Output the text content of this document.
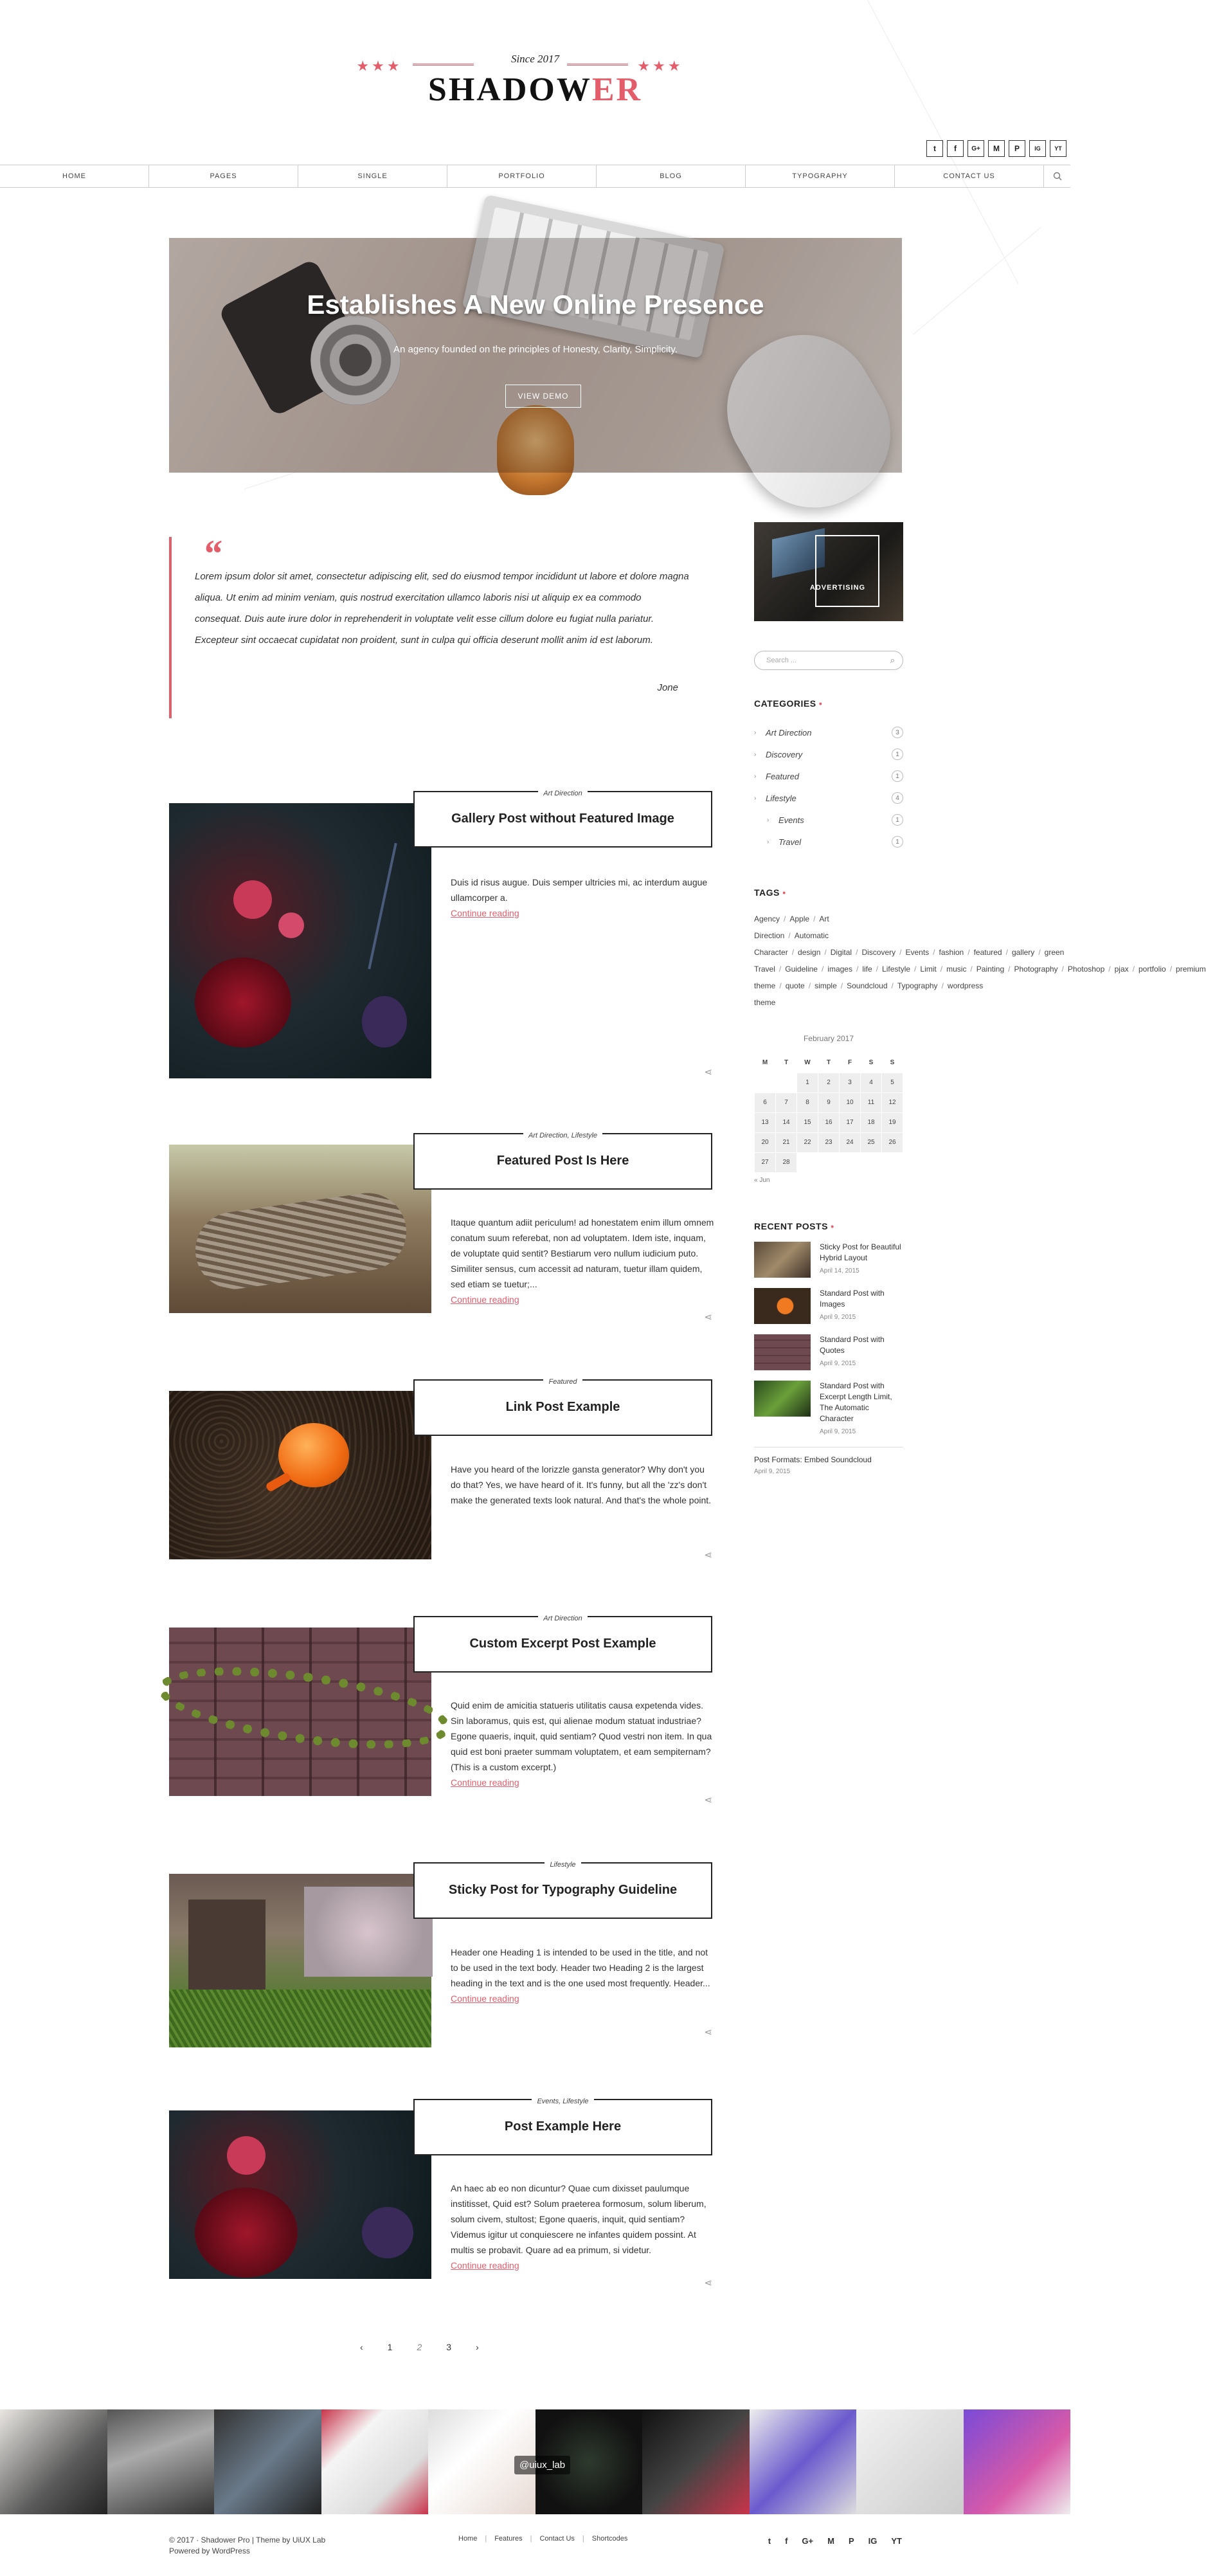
★★★	Since 2017	★★★
SHADOWER
t	f	G+	M	P	IG	YT
HOME	PAGES	SINGLE	PORTFOLIO	BLOG	TYPOGRAPHY	CONTACT US
Establishes A New Online Presence
An agency founded on the principles of Honesty, Clarity, Simplicity.
VIEW DEMO
“
Lorem ipsum dolor sit amet, consectetur adipiscing elit, sed do eiusmod tempor incididunt ut labore et dolore magna aliqua. Ut enim ad minim veniam, quis nostrud exercitation ullamco laboris nisi ut aliquip ex ea commodo consequat. Duis aute irure dolor in reprehenderit in voluptate velit esse cillum dolore eu fugiat nulla pariatur. Excepteur sint occaecat cupidatat non proident, sunt in culpa qui officia deserunt mollit anim id est laborum.
Jone
Art Direction
Gallery Post without Featured Image
Duis id risus augue. Duis semper ultricies mi, ac interdum augue ullamcorper a.
Continue reading
⋖
Art Direction, Lifestyle
Featured Post Is Here
Itaque quantum adiit periculum! ad honestatem enim illum omnem conatum suum referebat, non ad voluptatem. Idem iste, inquam, de voluptate quid sentit? Bestiarum vero nullum iudicium puto. Similiter sensus, cum accessit ad naturam, tuetur illam quidem, sed etiam se tuetur;...
Continue reading
⋖
Featured
Link Post Example
Have you heard of the lorizzle gansta generator? Why don't you do that? Yes, we have heard of it. It's funny, but all the 'zz's don't make the generated texts look natural. And that's the whole point.
⋖
Art Direction
Custom Excerpt Post Example
Quid enim de amicitia statueris utilitatis causa expetenda vides. Sin laboramus, quis est, qui alienae modum statuat industriae? Egone quaeris, inquit, quid sentiam? Quod vestri non item. In qua quid est boni praeter summam voluptatem, et eam sempiternam? (This is a custom excerpt.)
Continue reading
⋖
Lifestyle
Sticky Post for Typography Guideline
Header one Heading 1 is intended to be used in the title, and not to be used in the text body. Header two Heading 2 is the largest heading in the text and is the one used most frequently. Header...
Continue reading
⋖
Events, Lifestyle
Post Example Here
An haec ab eo non dicuntur? Quae cum dixisset paulumque institisset, Quid est? Solum praeterea formosum, solum liberum, solum civem, stultost; Egone quaeris, inquit, quid sentiam? Videmus igitur ut conquiescere ne infantes quidem possint. At multis se probavit. Quare ad ea primum, si videtur.
Continue reading
⋖
ADVERTISING
Search ...	⌕
CATEGORIES •
›	Art Direction	3
›	Discovery	1
›	Featured	1
›	Lifestyle	4
›	Events	1
›	Travel	1
TAGS •
Agency / Apple / Art Direction / Automatic Character / design / Digital / Discovery / Events / fashion / featured / gallery / green Travel / Guideline / images / life / Lifestyle / Limit / music / Painting / Photography / Photoshop / pjax / portfolio / premium theme / quote / simple / Soundcloud / Typography / wordpress theme
February 2017
M	T	W	T	F	S	S
		1	2	3	4	5
6	7	8	9	10	11	12
13	14	15	16	17	18	19
20	21	22	23	24	25	26
27	28					
« Jun
RECENT POSTS •
Sticky Post for Beautiful Hybrid Layout
April 14, 2015
Standard Post with Images
April 9, 2015
Standard Post with Quotes
April 9, 2015
Standard Post with Excerpt Length Limit, The Automatic Character
April 9, 2015
Post Formats: Embed Soundcloud
April 9, 2015
‹	1	2	3	›
@uiux_lab
© 2017 · Shadower Pro | Theme by UiUX Lab
Powered by WordPress
Home | Features | Contact Us | Shortcodes	t f G+ M P IG YT
